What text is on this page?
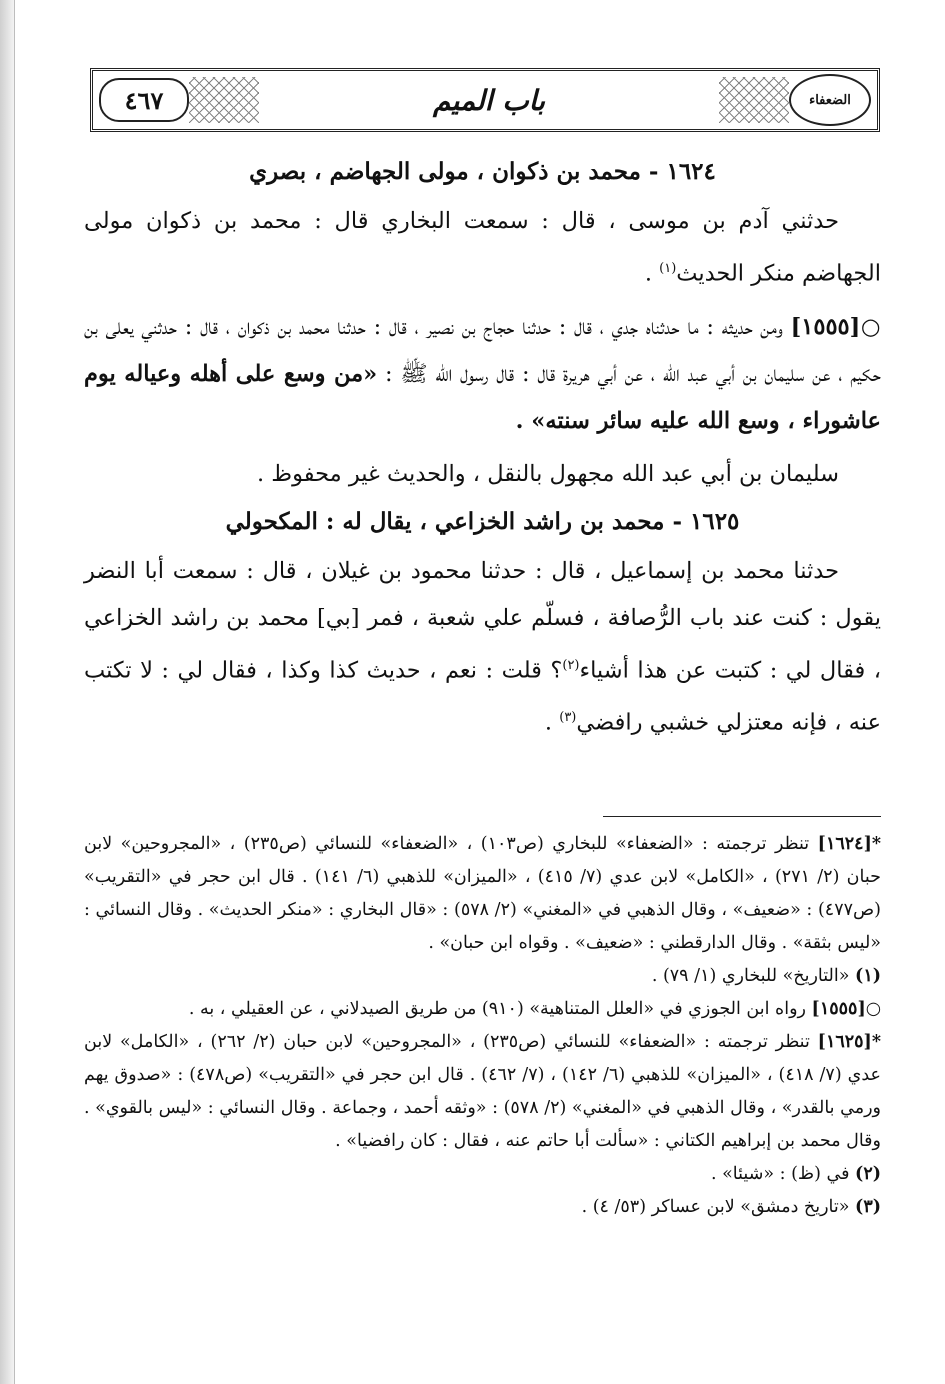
٤٦٧	باب الميم	الضعفاء
١٦٢٤ - محمد بن ذكوان ، مولى الجهاضم ، بصري

حدثني آدم بن موسى ، قال : سمعت البخاري قال : محمد بن ذكوان مولى الجهاضم منكر الحديث$^{(١)}$ .

○[١٥٥٥] ومن حديثه : ما حدثناه جدي ، قال : حدثنا حجاج بن نصير ، قال : حدثنا محمد بن ذكوان ، قال : حدثني يعلى بن حكيم ، عن سليمان بن أبي عبد الله ، عن أبي هريرة قال : قال رسول الله ﷺ : «من وسع على أهله وعياله يوم عاشوراء ، وسع الله عليه سائر سنته» .

سليمان بن أبي عبد الله مجهول بالنقل ، والحديث غير محفوظ .

١٦٢٥ - محمد بن راشد الخزاعي ، يقال له : المكحولي

حدثنا محمد بن إسماعيل ، قال : حدثنا محمود بن غيلان ، قال : سمعت أبا النضر يقول : كنت عند باب الرُّصافة ، فسلّم علي شعبة ، فمر [بي] محمد بن راشد الخزاعي ، فقال لي : كتبت عن هذا أشياء$^{(٢)}$؟ قلت : نعم ، حديث كذا وكذا ، فقال لي : لا تكتب عنه ، فإنه معتزلي خشبي رافضي$^{(٣)}$ .

*[١٦٢٤] تنظر ترجمته : «الضعفاء» للبخاري (ص١٠٣) ، «الضعفاء» للنسائي (ص٢٣٥) ، «المجروحين» لابن حبان (٢/ ٢٧١) ، «الكامل» لابن عدي (٧/ ٤١٥) ، «الميزان» للذهبي (٦/ ١٤١) . قال ابن حجر في «التقريب» (ص٤٧٧) : «ضعيف» ، وقال الذهبي في «المغني» (٢/ ٥٧٨) : «قال البخاري : «منكر الحديث» . وقال النسائي : «ليس بثقة» . وقال الدارقطني : «ضعيف» . وقواه ابن حبان» .

(١) «التاريخ» للبخاري (١/ ٧٩) .

○[١٥٥٥] رواه ابن الجوزي في «العلل المتناهية» (٩١٠) من طريق الصيدلاني ، عن العقيلي ، به .

*[١٦٢٥] تنظر ترجمته : «الضعفاء» للنسائي (ص٢٣٥) ، «المجروحين» لابن حبان (٢/ ٢٦٢) ، «الكامل» لابن عدي (٧/ ٤١٨) ، «الميزان» للذهبي (٦/ ١٤٢) ، (٧/ ٤٦٢) . قال ابن حجر في «التقريب» (ص٤٧٨) : «صدوق يهم ورمي بالقدر» ، وقال الذهبي في «المغني» (٢/ ٥٧٨) : «وثقه أحمد ، وجماعة . وقال النسائي : «ليس بالقوي» . وقال محمد بن إبراهيم الكتاني : «سألت أبا حاتم عنه ، فقال : كان رافضيا» .

(٢) في (ظ) : «شيئا» .

(٣) «تاريخ دمشق» لابن عساكر (٥٣/ ٤) .
